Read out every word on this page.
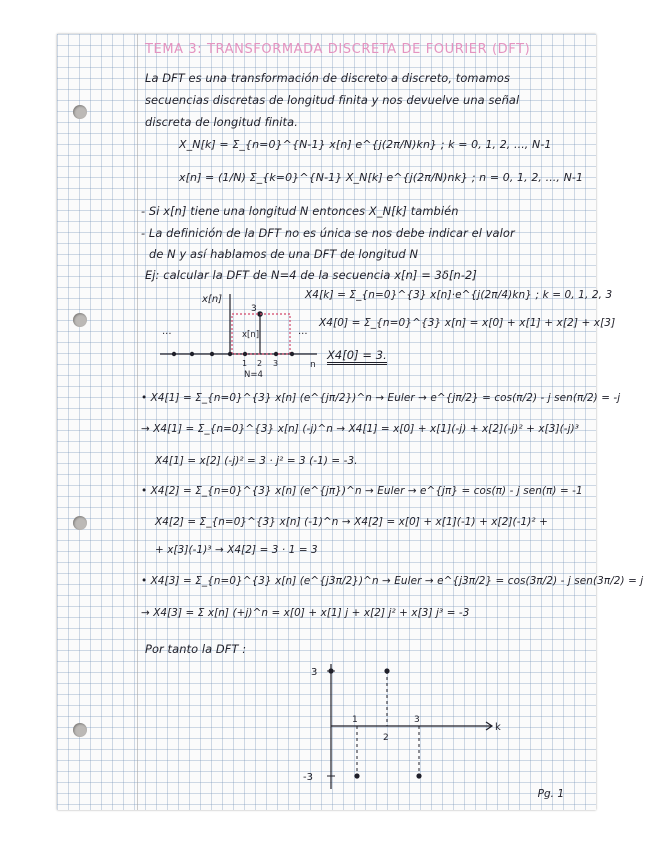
TEMA 3: TRANSFORMADA DISCRETA DE FOURIER (DFT)
La DFT es una transformación de discreto a discreto, tomamos
secuencias discretas de longitud finita y nos devuelve una señal
discreta de longitud finita.
X_N[k] = Σ_{n=0}^{N-1} x[n] e^{j(2π/N)kn} ; k = 0, 1, 2, ..., N-1
x[n] = (1/N) Σ_{k=0}^{N-1} X_N[k] e^{j(2π/N)nk} ; n = 0, 1, 2, ..., N-1
- Si x[n] tiene una longitud N entonces X_N[k] también
- La definición de la DFT no es única se nos debe indicar el valor
de N y así hablamos de una DFT de longitud N
Ej: calcular la DFT de N=4 de la secuencia x[n] = 3δ[n-2]
X4[k] = Σ_{n=0}^{3} x[n]·e^{j(2π/4)kn} ; k = 0, 1, 2, 3
X4[0] = Σ_{n=0}^{3} x[n] = x[0] + x[1] + x[2] + x[3]
X4[0] = 3.
x[n]
x[n]
3
...	...
1 2 3
N=4
n
• X4[1] = Σ_{n=0}^{3} x[n] (e^{jπ/2})^n → Euler → e^{jπ/2} = cos(π/2) - j sen(π/2) = -j
→ X4[1] = Σ_{n=0}^{3} x[n] (-j)^n → X4[1] = x[0] + x[1](-j) + x[2](-j)² + x[3](-j)³
X4[1] = x[2] (-j)² = 3 · j² = 3 (-1) = -3.
• X4[2] = Σ_{n=0}^{3} x[n] (e^{jπ})^n → Euler → e^{jπ} = cos(π) - j sen(π) = -1
X4[2] = Σ_{n=0}^{3} x[n] (-1)^n → X4[2] = x[0] + x[1](-1) + x[2](-1)² +
+ x[3](-1)³ → X4[2] = 3 · 1 = 3
• X4[3] = Σ_{n=0}^{3} x[n] (e^{j3π/2})^n → Euler → e^{j3π/2} = cos(3π/2) - j sen(3π/2) = j
→ X4[3] = Σ x[n] (+j)^n = x[0] + x[1] j + x[2] j² + x[3] j³ = -3
Por tanto la DFT :
k
3
-3
1
2
3
Pg. 1
